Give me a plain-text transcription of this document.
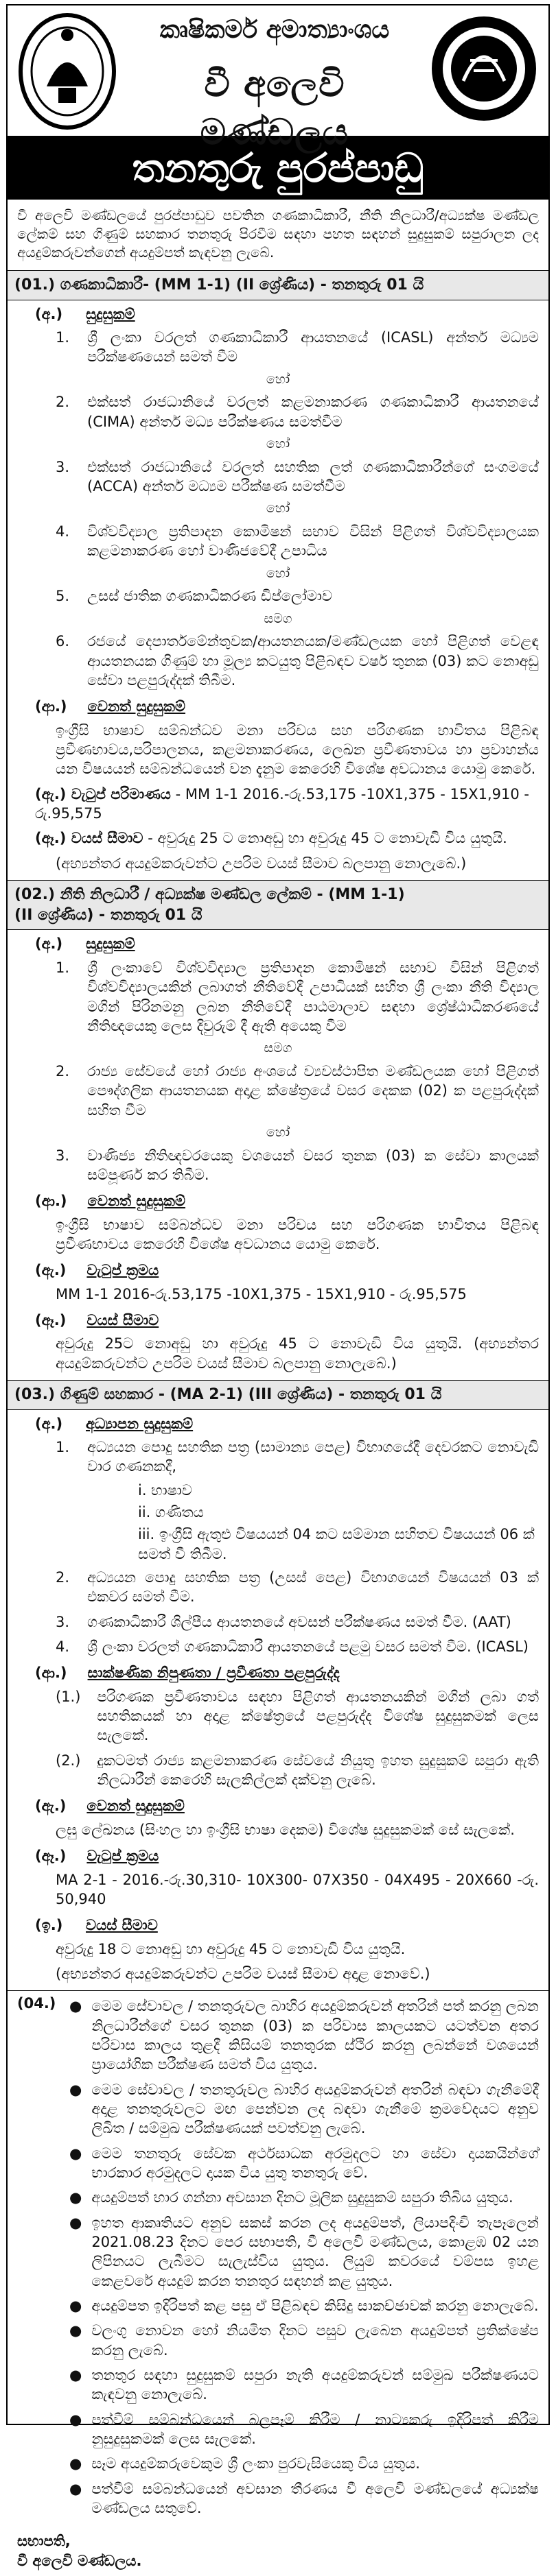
කෘෂිකර්ම අමාත්‍යාංශය
වී අලෙවි මණ්ඩලය
තනතුරු පුරප්පාඩු
වී අලෙවි මණ්ඩලයේ පුරප්පාඩුව පවතින ගණකාධිකාරී, නීති නිලධාරී/අධ්‍යක්ෂ මණ්ඩල ලේකම් සහ ගිණුම් සහකාර තනතුරු පිරවීම සඳහා පහත සඳහන් සුදුසුකම් සපුරාලන ලද අයදුම්කරුවන්ගෙන් අයදුම්පත් කැඳවනු ලැබේ.
(01.) ගණකාධිකාරී- (MM 1-1) (II ශ්‍රේණිය) - තනතුරු 01 යි
(අ.) සුදුසුකම්
1. ශ්‍රී ලංකා වරලත් ගණකාධිකාරී ආයතනයේ (ICASL) අන්තර් මධ්‍යම පරීක්ෂණයෙන් සමත් වීම
හෝ
2. එක්සත් රාජධානියේ වරලත් කළමනාකරණ ගණකාධිකාරී ආයතනයේ (CIMA) අන්තර් මධ්‍ය පරීක්ෂණය සමත්වීම
හෝ
3. එක්සත් රාජධානියේ වරලත් සහතික ලත් ගණකාධිකාරීන්ගේ සංගමයේ (ACCA) අන්තර් මධ්‍යම පරීක්ෂණ සමත්වීම
හෝ
4. විශ්වවිද්‍යාල ප්‍රතිපාදන කොමිෂන් සභාව විසින් පිළිගත් විශ්වවිද්‍යාලයක කළමනාකරණ හෝ වාණිජවේදී උපාධිය
හෝ
5. උසස් ජාතික ගණකාධිකරණ ඩිප්ලෝමාව
සමග
6. රජයේ දෙපාර්තමේන්තුවක/ආයතනයක/මණ්ඩලයක හෝ පිළිගත් වෙළඳ ආයතනයක ගිණුම් හා මූල්‍ය කටයුතු පිළිබඳව වර්ෂ තුනක (03) කට නොඅඩු සේවා පළපුරුද්දක් තිබීම.
(ආ.) වෙනත් සුදුසුකම්
ඉංග්‍රීසි භාෂාව සම්බන්ධව මනා පරිචය සහ පරිගණක භාවිතය පිළිබඳ ප්‍රවීණභාවය,පරිපාලනය, කළමනාකරණය, ලෙඛන ප්‍රවීණතාවය හා ප්‍රවාහන්ය යන විෂයයන් සම්බන්ධයෙන් වන දැනුම කෙරෙහි විශේෂ අවධානය යොමු කෙරේ.
(ඇ.) වැටුප් පරිමාණය - MM 1-1 2016.-රු.53,175 -10X1,375 - 15X1,910 - රු.95,575
(ඈ.) වයස් සීමාව - අවුරුදු 25 ට නොඅඩු හා අවුරුදු 45 ට නොවැඩි විය යුතුයි.
(අභ්‍යන්තර අයදුම්කරුවන්ට උපරිම වයස් සීමාව බලපානු නොලැබේ.)
(02.) නීති නිලධාරී / අධ්‍යක්ෂ මණ්ඩල ලේකම් - (MM 1-1)
(II ශ්‍රේණිය) - තනතුරු 01 යි
(අ.) සුදුසුකම්
1. ශ්‍රී ලංකාවේ විශ්වවිද්‍යාල ප්‍රතිපාදන කොමිෂන් සභාව විසින් පිළිගත් විශ්වවිද්‍යාලයකින් ලබාගත් නීතිවේදී උපාධියක් සහිත ශ්‍රී ලංකා නීති විද්‍යාල මගින් පිරිනමනු ලබන නීතිවේදී පාඨමාලාව සඳහා ශ්‍රේෂ්ඨාධිකරණයේ නීතිඥයෙකු ලෙස දිවුරුම් දී ඇති අයෙකු වීම
සමග
2. රාජ්‍ය සේවයේ හෝ රාජ්‍ය අංශයේ ව්‍යවස්ථාපිත මණ්ඩලයක හෝ පිළිගත් පෞද්ගලික ආයතනයක අදාළ ක්ෂේත්‍රයේ වසර දෙකක (02) ක පළපුරුද්දක් සහිත වීම
හෝ
3. වාණිජ්‍ය නීතිඥවරයෙකු වශයෙන් වසර තුනක (03) ක සේවා කාලයක් සම්පූර්ණ කර තිබීම.
(ආ.) වෙනත් සුදුසුකම්
ඉංග්‍රීසි භාෂාව සම්බන්ධව මනා පරිචය සහ පරිගණක භාවිතය පිළිබඳ ප්‍රවීණභාවය කෙරෙහි විශේෂ අවධානය යොමු කෙරේ.
(ඇ.) වැටුප් ක්‍රමය
MM 1-1 2016-රු.53,175 -10X1,375 - 15X1,910 - රු.95,575
(ඈ.) වයස් සීමාව
අවුරුදු 25ට නොඅඩු හා අවුරුදු 45 ට නොවැඩි විය යුතුයි. (අභ්‍යන්තර අයදුම්කරුවන්ට උපරිම වයස් සීමාව බලපානු නොලැබේ.)
(03.) ගිණුම් සහකාර - (MA 2-1) (III ශ්‍රේණිය) - තනතුරු 01 යි
(අ.) අධ්‍යාපන සුදුසුකම්
1. අධ්‍යයන පොදු සහතික පත්‍ර (සාමාන්‍ය පෙළ) විභාගයේදී දෙවරකට නොවැඩි වාර ගණනකදී,
i. භාෂාව
ii. ගණිතය
iii. ඉංග්‍රීසි ඇතුළු විෂයයන් 04 කට සම්මාන සහිතව විෂයයන් 06 ක් සමත් වී තිබීම.
2. අධ්‍යයන පොදු සහතික පත්‍ර (උසස් පෙළ) විභාගයෙන් විෂයයන් 03 ක් එකවර සමත් වීම.
3. ගණකාධිකාරී ශිල්පීය ආයතනයේ අවසන් පරීක්ෂණය සමත් වීම. (AAT)
4. ශ්‍රී ලංකා වරලත් ගණකාධිකාරී ආයතනයේ පළමු වසර සමත් වීම. (ICASL)
(ආ.) සාක්ෂණික නිපුණතා / ප්‍රවීණතා පළපුරුද්ද
(1.) පරිගණක ප්‍රවීණතාවය සඳහා පිළිගත් ආයතනයකින් මගින් ලබා ගත් සහතිකයක් හා අදාළ ක්ෂේත්‍රයේ පළපුරුද්ද විශේෂ සුදුසුකමක් ලෙස සැලකේ.
(2.) දුකටමත් රාජ්‍ය කළමනාකරණ සේවයේ නියුතු ඉහත සුදුසුකම් සපුරා ඇති නිලධාරීන් කෙරෙහි සැලකිල්ලක් දක්වනු ලැබේ.
(ඇ.) වෙනත් සුදුසුකම්
ලඝු ලේඛනය (සිංහල හා ඉංග්‍රීසි භාෂා දෙකම) විශේෂ සුදුසුකමක් සේ සැලකේ.
(ඈ.) වැටුප් ක්‍රමය
MA 2-1 - 2016.-රු.30,310- 10X300- 07X350 - 04X495 - 20X660 -රු. 50,940
(ඉ.) වයස් සීමාව
අවුරුදු 18 ට නොඅඩු හා අවුරුදු 45 ට නොවැඩි විය යුතුයි.
(අභ්‍යන්තර අයදුම්කරුවන්ට උපරිම වයස් සීමාව අදාළ නොවේ.)
(04.) ● මෙම සේවාවල / තනතුරුවල බාහිර අයදුම්කරුවන් අතරින් පත් කරනු ලබන නිලධාරීන්ගේ වසර තුනක (03) ක පරිවාස කාලයකට යටත්වන අතර පරිවාස කාලය තුළදී කිසියම් තනතුරක ස්ථිර කරනු ලබන්නේ වශයෙන් ප්‍රායෝගික පරීක්ෂණ සමත් විය යුතුය.
● මෙම සේවාවල / තනතුරුවල බාහිර අයදුම්කරුවන් අතරින් බඳවා ගැනීමේදී අදාළ තනතුරුවලට මඟ පෙන්වන ලද බඳවා ගැනීමේ ක්‍රමවේදයට අනුව ලිඛිත / සම්මුඛ පරීක්ෂණයක් පවත්වනු ලැබේ.
● මෙම තනතුරු සේවක අර්ථසාධක අරමුදලට හා සේවා දායකයින්ගේ භාරකාර අරමුදලට දායක විය යුතු තනතුරු වේ.
● අයදුම්පත් භාර ගන්නා අවසාන දිනට මූලික සුදුසුකම් සපුරා තිබිය යුතුය.
● ඉහත ආකෘතියට අනුව සකස් කරන ලද අයදුම්පත්, ලියාපදිංචි තැපෑලෙන් 2021.08.23 දිනට පෙර සභාපති, වී අලෙවි මණ්ඩලය, කොළඹ 02 යන ලිපිනයට ලැබීමට සැලැස්විය යුතුය. ලියුම් කවරයේ වම්පස ඉහළ කෙළවරේ අයදුම් කරන තනතුර සඳහන් කළ යුතුය.
● අයදුම්පත ඉදිරිපත් කළ පසු ඒ පිළිබඳව කිසිදු සාකච්ඡාවක් කරනු නොලැබේ.
● වලංගු නොවන හෝ නියමිත දිනට පසුව ලැබෙන අයදුම්පත් ප්‍රතික්ෂේප කරනු ලැබේ.
● තනතුර සඳහා සුදුසුකම් සපුරා නැති අයදුම්කරුවන් සම්මුඛ පරීක්ෂණයට කැඳවනු නොලැබේ.
● පත්වීම් සම්බන්ධයෙන් බලපෑම් කිරීම / නාට්‍යකරු ඉදිරිපත් කිරීම නුසුදුසුකමක් ලෙස සැලකේ.
● සෑම අයදුම්කරුවෙකුම ශ්‍රී ලංකා පුරවැසියෙකු විය යුතුය.
● පත්වීම් සම්බන්ධයෙන් අවසාන තීරණය වී අලෙවි මණ්ඩලයේ අධ්‍යක්ෂ මණ්ඩලය සතුවේ.
සභාපති,
වී අලෙවි මණ්ඩලය.
